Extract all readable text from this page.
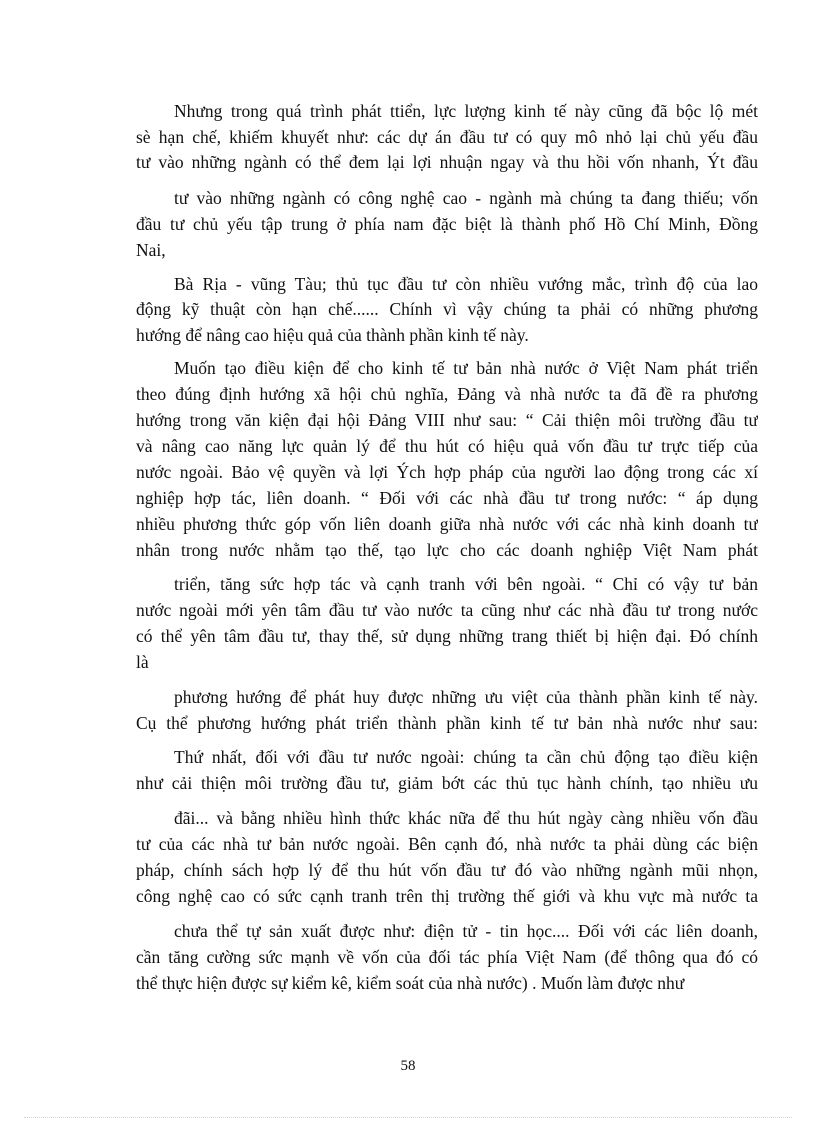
Nhưng trong quá trình phát ttiển, lực lượng kinh tế này cũng đã bộc lộ mét
sè hạn chế, khiếm khuyết như: các dự án đầu tư có quy mô nhỏ lại chủ yếu đầu
tư vào những ngành có thể đem lại lợi nhuận ngay và thu hồi vốn nhanh, Ýt đầu
tư vào những ngành có công nghệ cao - ngành mà chúng ta đang thiếu; vốn
đầu tư chủ yếu tập trung ở phía nam đặc biệt là thành phố Hồ Chí Minh, Đồng
Nai,
Bà Rịa - vũng Tàu; thủ tục đầu tư còn nhiều vướng mắc, trình độ của lao
động kỹ thuật còn hạn chế...... Chính vì vậy chúng ta phải có những phương
hướng để nâng cao hiệu quả của thành phần kinh tế này.
Muốn tạo điều kiện để cho kinh tế tư bản nhà nước ở Việt Nam phát triển
theo đúng định hướng xã hội chủ nghĩa, Đảng và nhà nước ta đã đề ra phương
hướng trong văn kiện đại hội Đảng VIII như sau: “ Cải thiện môi trường đầu tư
và nâng cao năng lực quản lý để thu hút có hiệu quả vốn đầu tư trực tiếp của
nước ngoài. Bảo vệ quyền và lợi Ých hợp pháp của người lao động trong các xí
nghiệp hợp tác, liên doanh. “ Đối với các nhà đầu tư trong nước: “ áp dụng
nhiều phương thức góp vốn liên doanh giữa nhà nước với các nhà kinh doanh tư
nhân trong nước nhằm tạo thế, tạo lực cho các doanh nghiệp Việt Nam phát
triển, tăng sức hợp tác và cạnh tranh với bên ngoài. “ Chỉ có vậy tư bản
nước ngoài mới yên tâm đầu tư vào nước ta cũng như các nhà đầu tư trong nước
có thể yên tâm đầu tư, thay thế, sử dụng những trang thiết bị hiện đại. Đó chính
là
phương hướng để phát huy được những ưu việt của thành phần kinh tế này.
Cụ thể phương hướng phát triển thành phần kinh tế tư bản nhà nước như sau:
Thứ nhất, đối với đầu tư nước ngoài: chúng ta cần chủ động tạo điều kiện
như cải thiện môi trường đầu tư, giảm bớt các thủ tục hành chính, tạo nhiều ưu
đãi... và bằng nhiều hình thức khác nữa để thu hút ngày càng nhiều vốn đầu
tư của các nhà tư bản nước ngoài. Bên cạnh đó, nhà nước ta phải dùng các biện
pháp, chính sách hợp lý để thu hút vốn đầu tư đó vào những ngành mũi nhọn,
công nghệ cao có sức cạnh tranh trên thị trường thế giới và khu vực mà nước ta
chưa thể tự sản xuất được như: điện tử - tin học.... Đối với các liên doanh,
cần tăng cường sức mạnh về vốn của đối tác phía Việt Nam (để thông qua đó có
thể thực hiện được sự kiểm kê, kiểm soát của nhà nước) . Muốn làm được như
58
